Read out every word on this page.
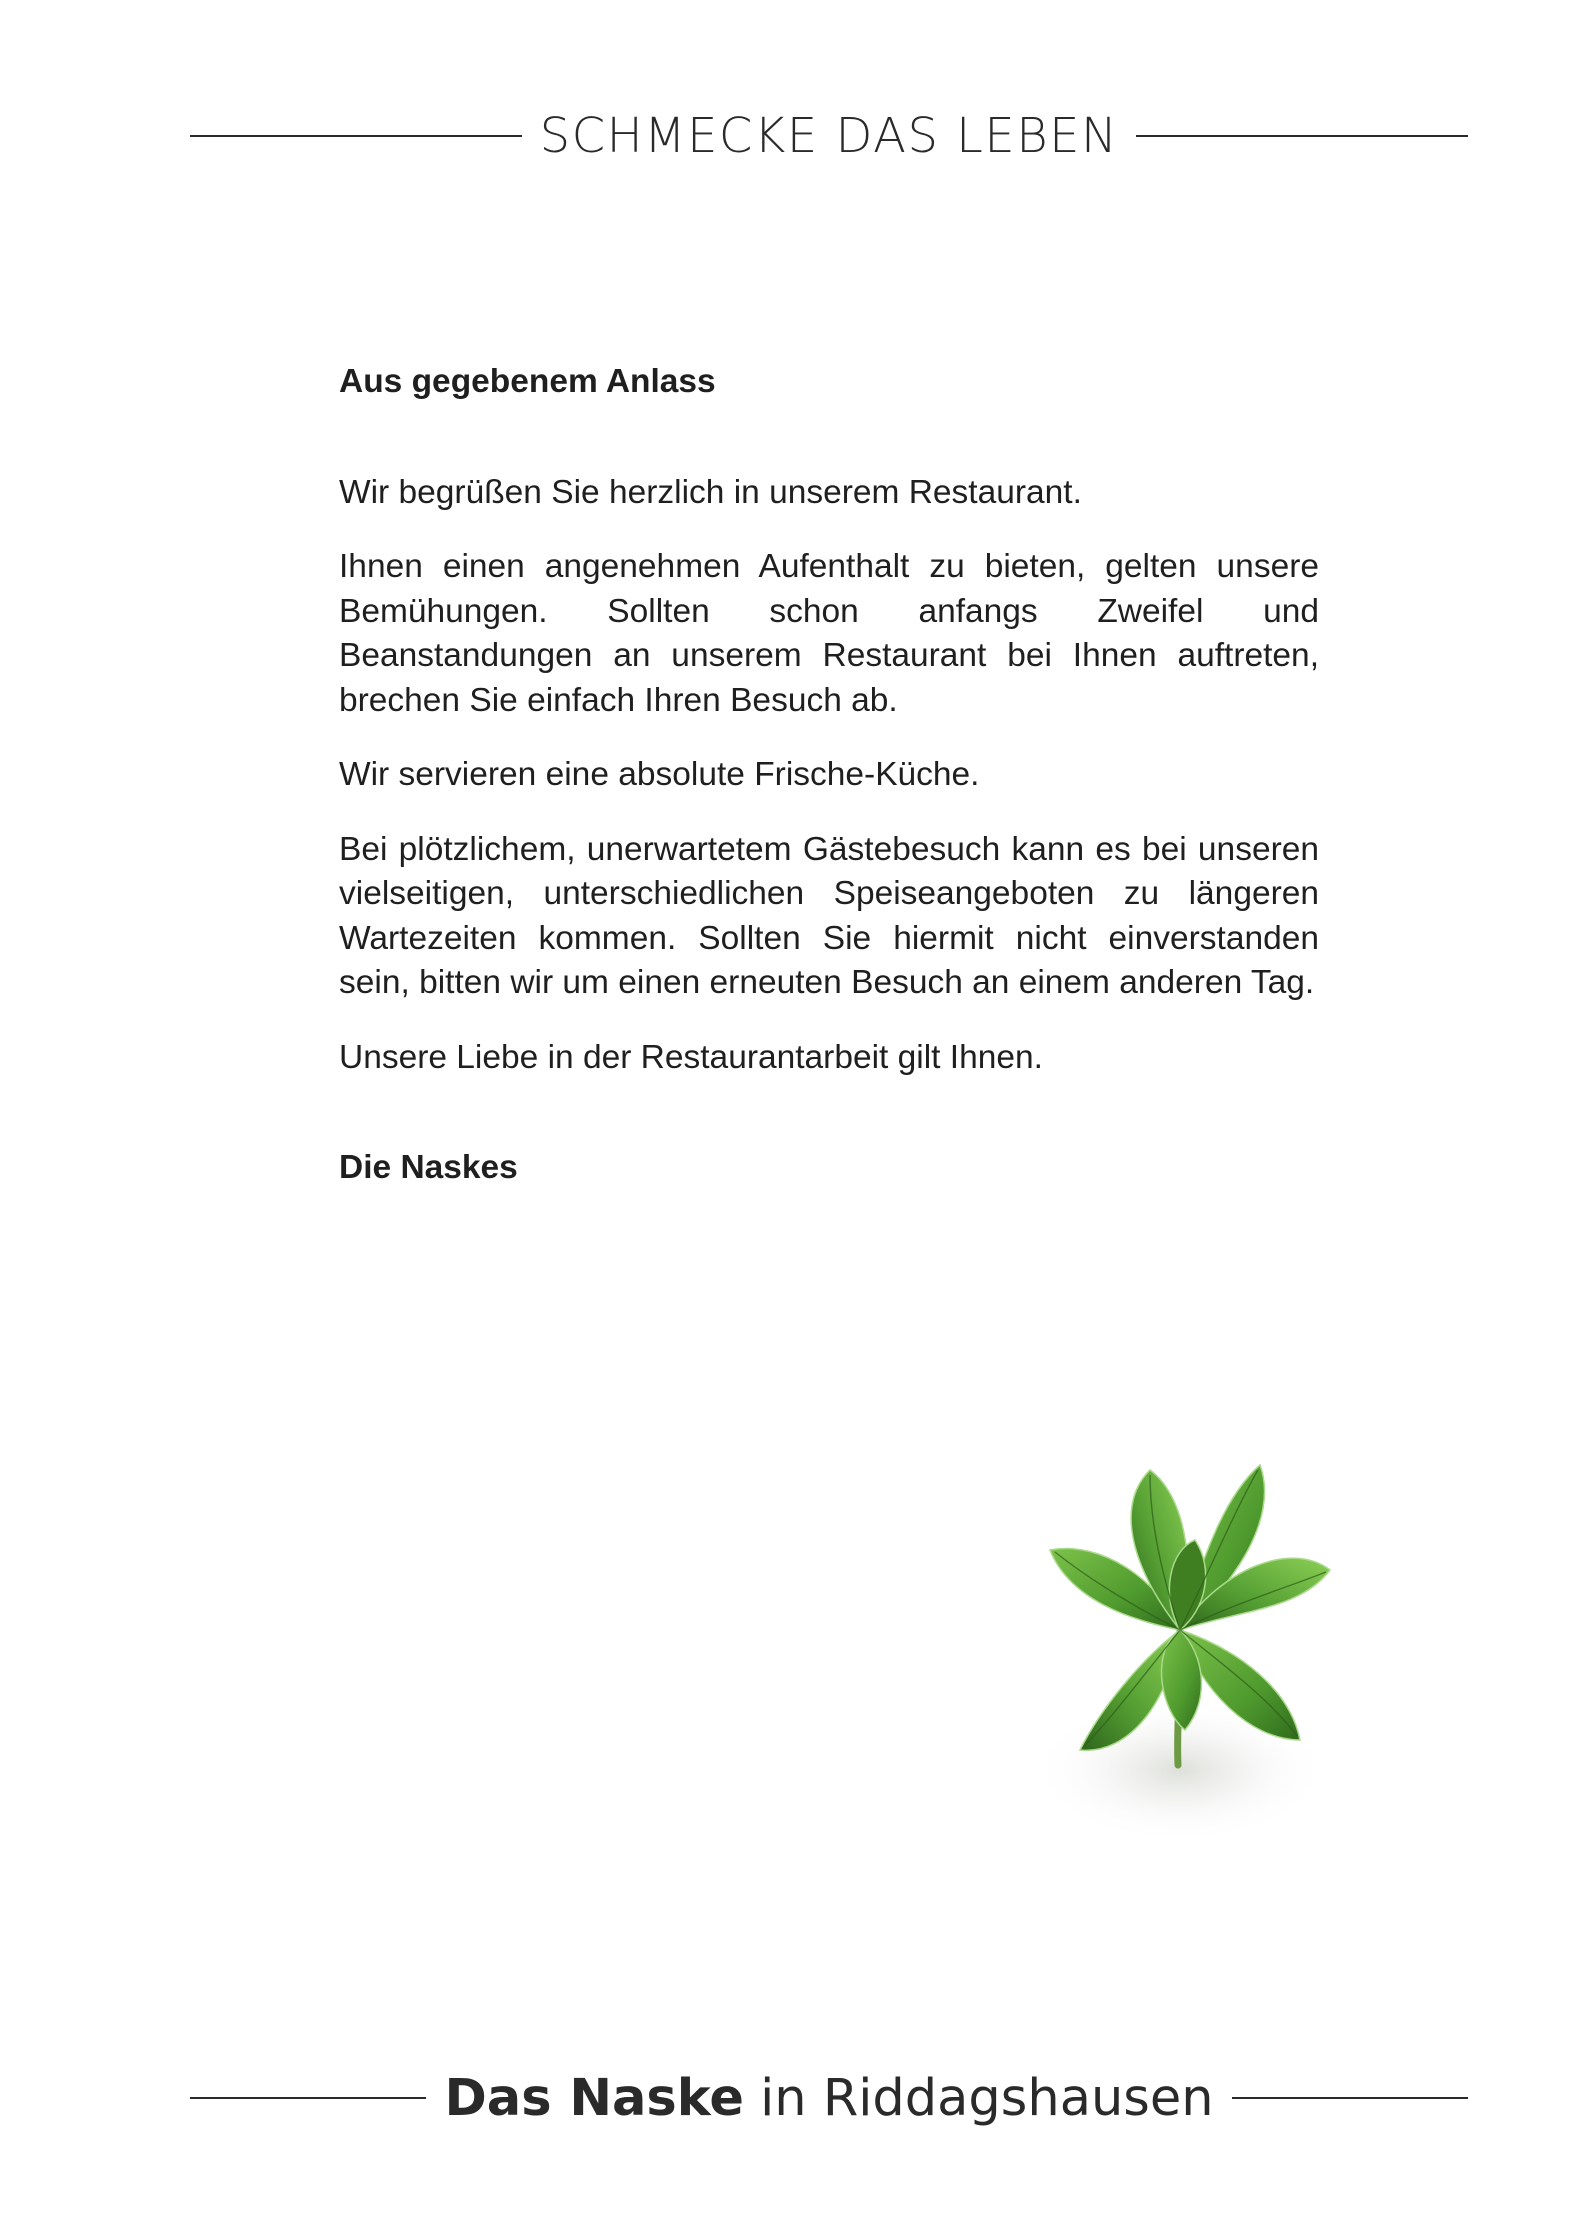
SCHMECKE DAS LEBEN
Aus gegebenem Anlass

Wir begrüßen Sie herzlich in unserem Restaurant.

Ihnen einen angenehmen Aufenthalt zu bieten, gelten unsere Bemühungen. Sollten schon anfangs Zweifel und Beanstandungen an unserem Restaurant bei Ihnen auftreten, brechen Sie einfach Ihren Besuch ab.

Wir servieren eine absolute Frische-Küche.

Bei plötzlichem, unerwartetem Gästebesuch kann es bei unseren vielseitigen, unterschiedlichen Speiseangeboten zu längeren Wartezeiten kommen. Sollten Sie hiermit nicht einverstanden sein, bitten wir um einen erneuten Besuch an einem anderen Tag.

Unsere Liebe in der Restaurantarbeit gilt Ihnen.

Die Naskes
Das Naske in Riddagshausen
